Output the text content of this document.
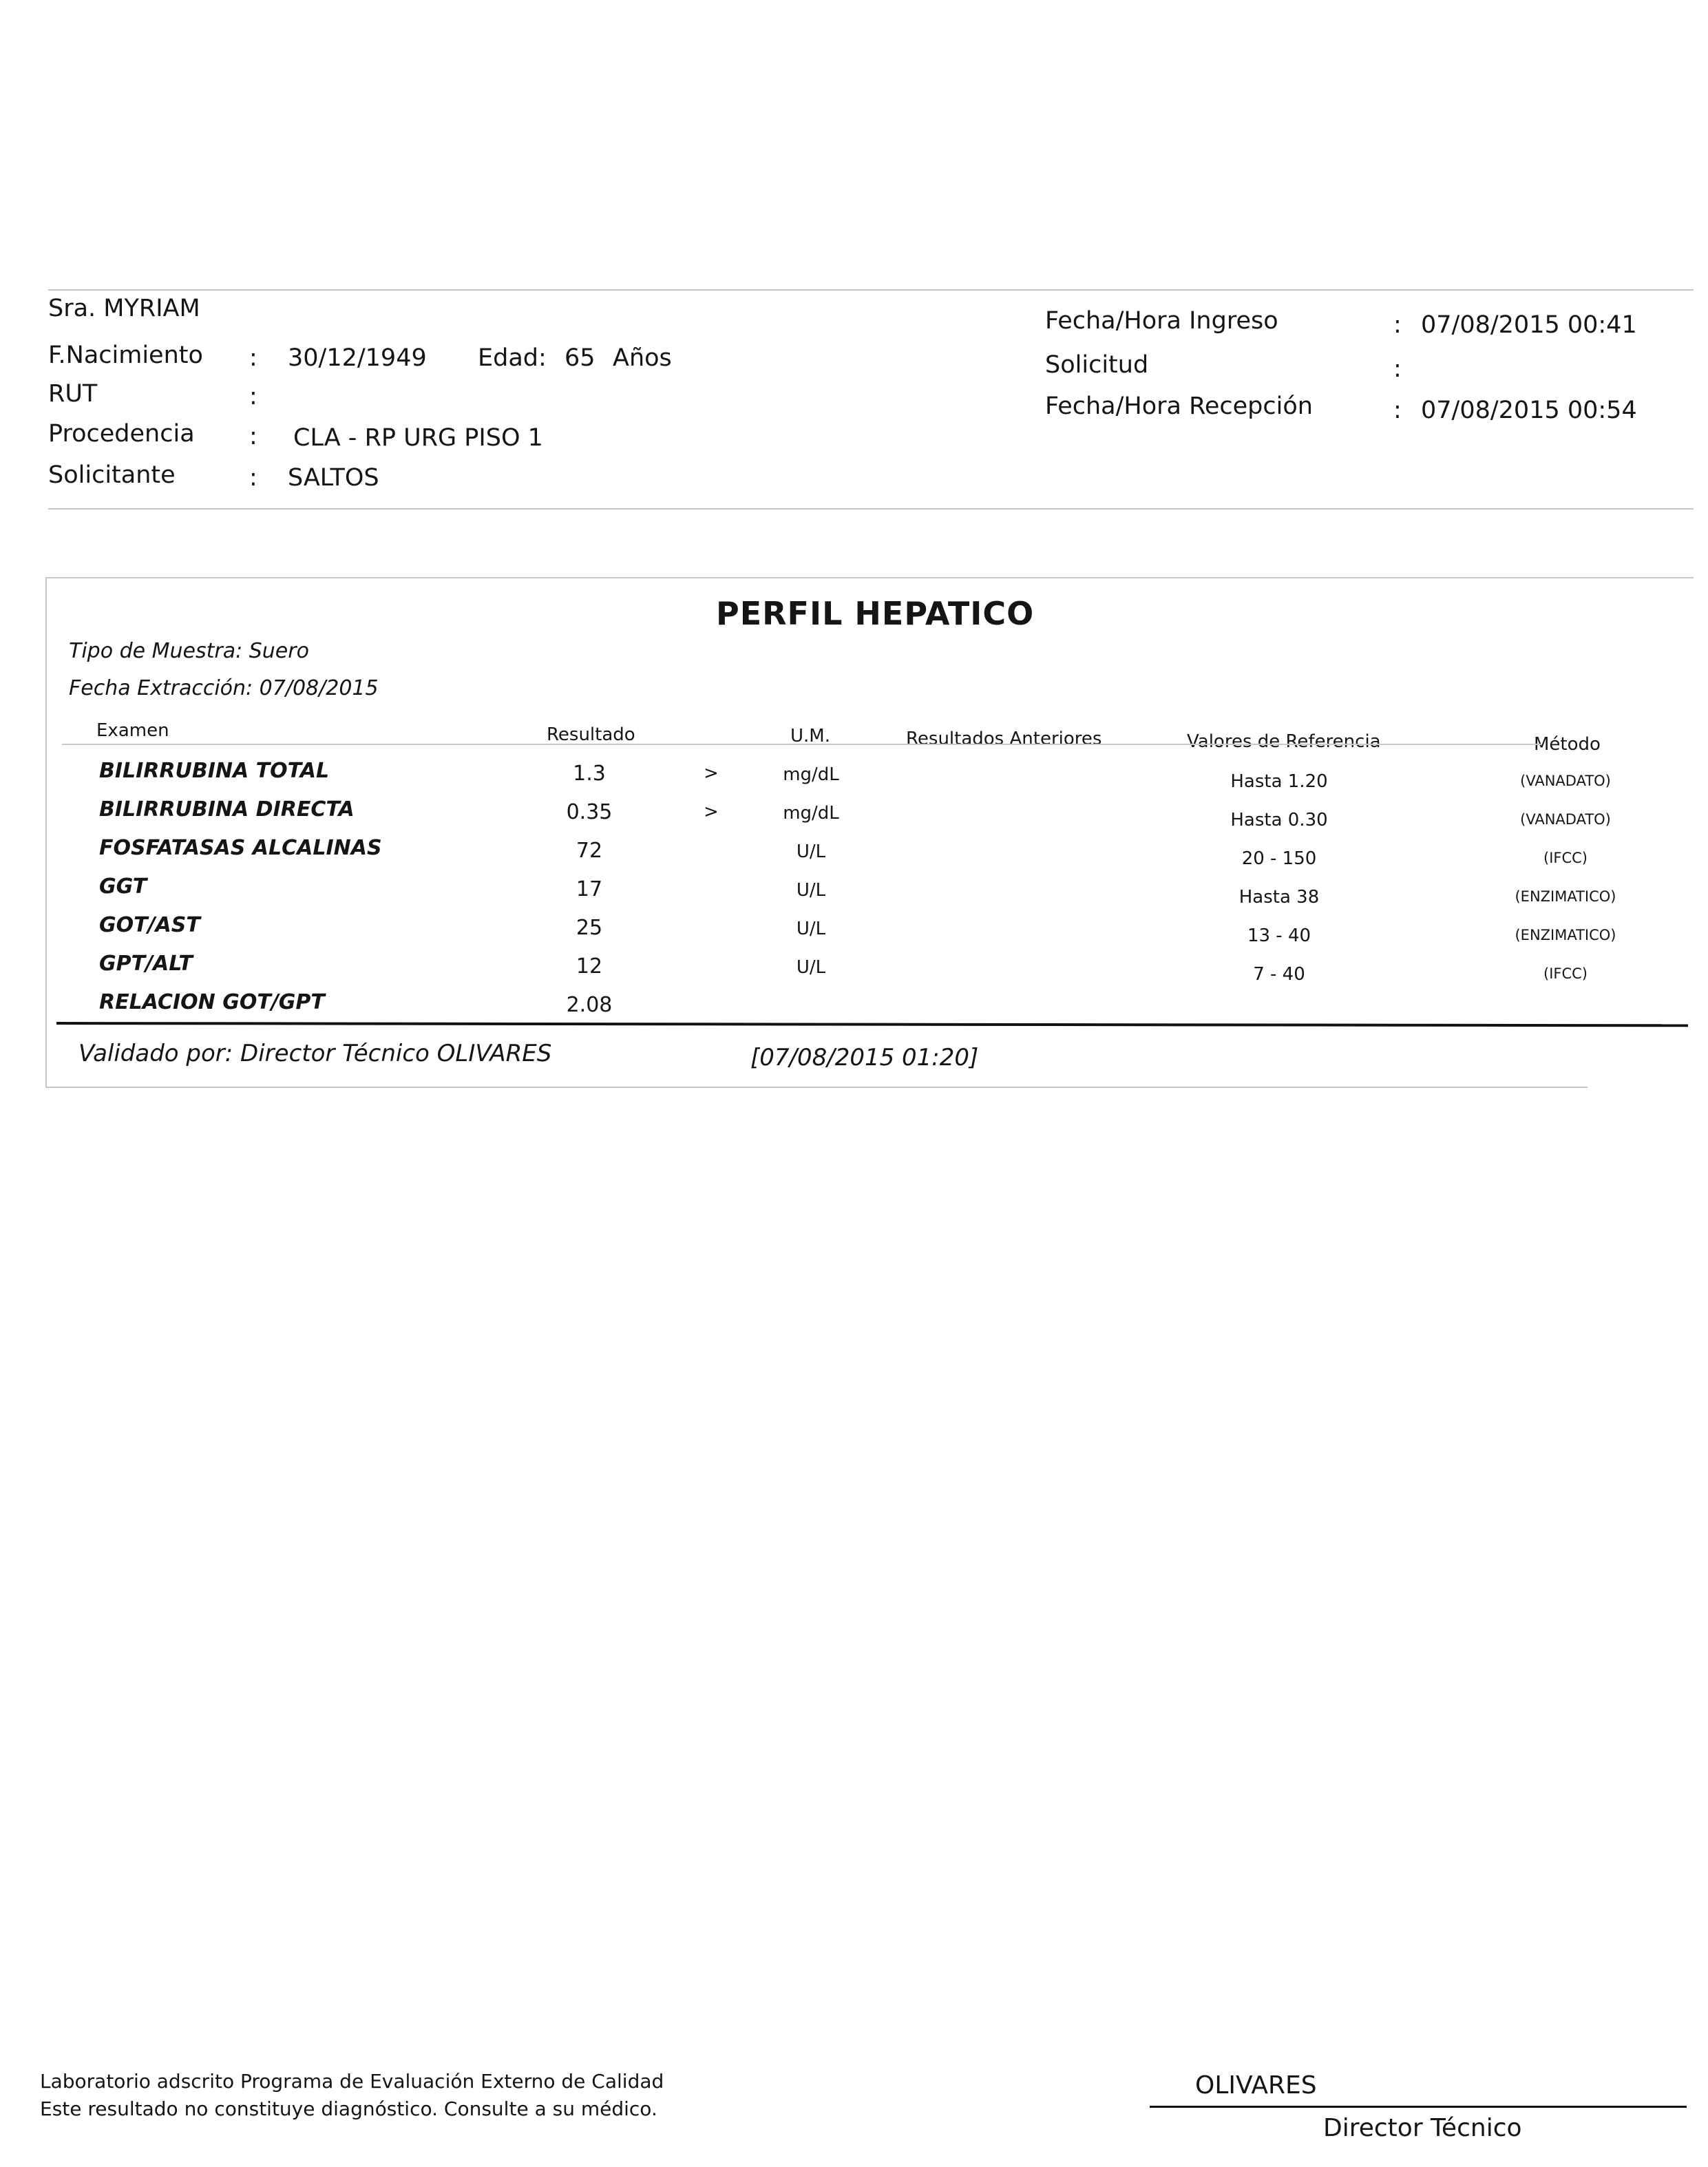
Sra. MYRIAM
F.Nacimiento : 30/12/1949 Edad: 65 Años
RUT	:
Procedencia : CLA - RP URG PISO 1
Solicitante	: SALTOS
Fecha/Hora Ingreso	: 07/08/2015 00:41
Solicitud	:
Fecha/Hora Recepción	: 07/08/2015 00:54
PERFIL HEPATICO
Tipo de Muestra: Suero
Fecha Extracción: 07/08/2015
Examen	Resultado	U.M.	Resultados Anteriores	Valores de Referencia	Método
BILIRRUBINA TOTAL	1.3	>	mg/dL	Hasta 1.20	(VANADATO)
BILIRRUBINA DIRECTA	0.35	>	mg/dL	Hasta 0.30	(VANADATO)
FOSFATASAS ALCALINAS	72	U/L	20 - 150	(IFCC)
GGT	17	U/L	Hasta 38	(ENZIMATICO)
GOT/AST	25	U/L	13 - 40	(ENZIMATICO)
GPT/ALT	12	U/L	7 - 40	(IFCC)
RELACION GOT/GPT	2.08
Validado por: Director Técnico OLIVARES	[07/08/2015 01:20]
Laboratorio adscrito Programa de Evaluación Externo de Calidad
Este resultado no constituye diagnóstico. Consulte a su médico.
OLIVARES
Director Técnico
